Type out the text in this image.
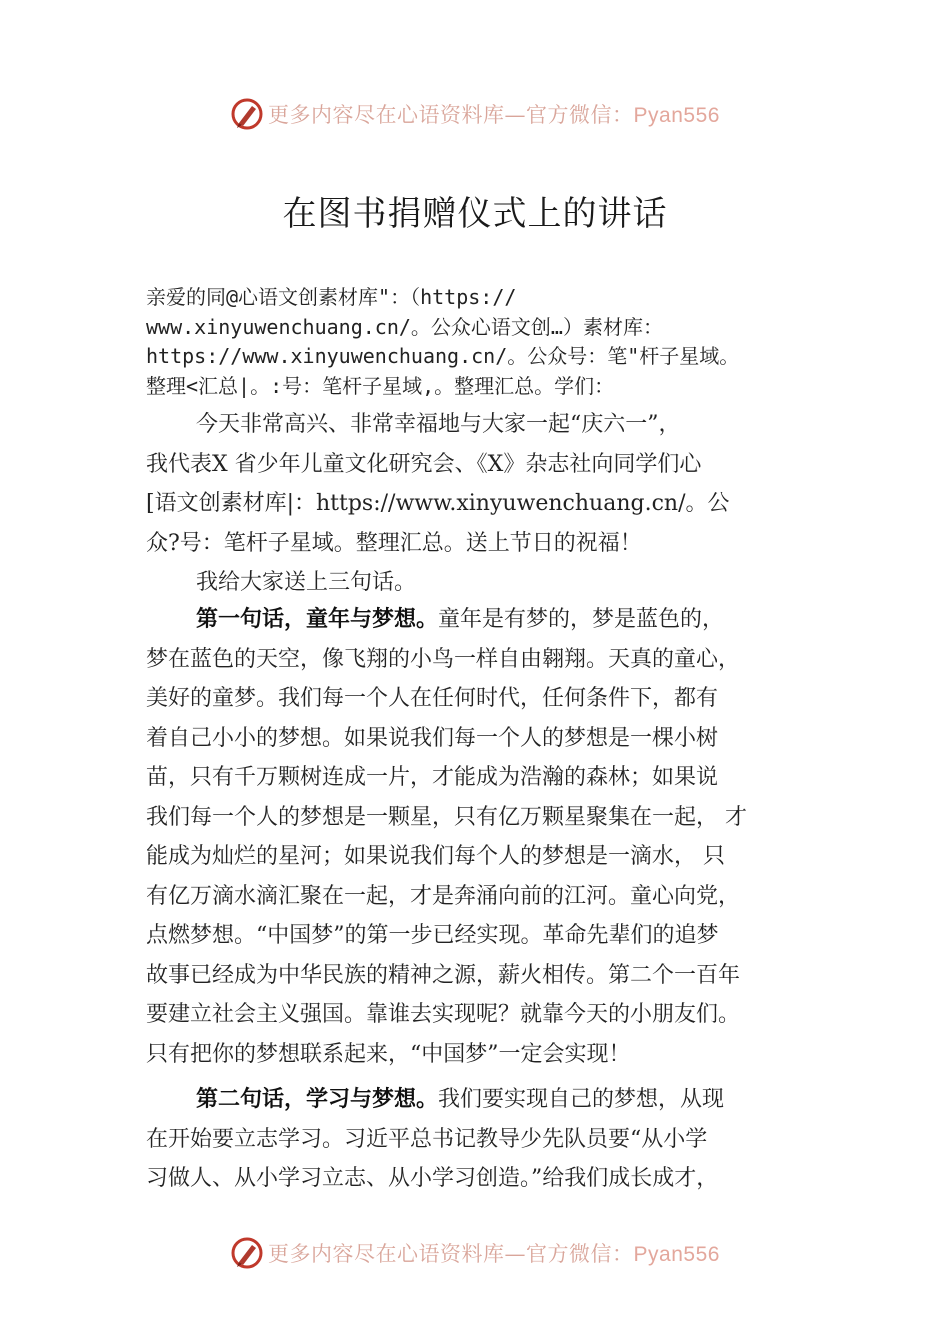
更多内容尽在心语资料库—官方微信：Pyan556
在图书捐赠仪式上的讲话
亲爱的同@心语文创素材库"：（https://
www.xinyuwenchuang.cn/。公众心语文创…）素材库：
https://www.xinyuwenchuang.cn/。公众号：笔"杆子星域。
整理<汇总|。:号：笔杆子星域,。整理汇总。学们：
今天非常高兴、非常幸福地与大家一起“庆六一”，
我代表X 省少年儿童文化研究会、《X》杂志社向同学们心
[语文创素材库|：https://www.xinyuwenchuang.cn/。公
众?号：笔杆子星域。整理汇总。送上节日的祝福！
我给大家送上三句话。
第一句话，童年与梦想。童年是有梦的，梦是蓝色的，
梦在蓝色的天空，像飞翔的小鸟一样自由翱翔。天真的童心，
美好的童梦。我们每一个人在任何时代，任何条件下，都有
着自己小小的梦想。如果说我们每一个人的梦想是一棵小树
苗，只有千万颗树连成一片，才能成为浩瀚的森林；如果说
我们每一个人的梦想是一颗星，只有亿万颗星聚集在一起， 才
能成为灿烂的星河；如果说我们每个人的梦想是一滴水， 只
有亿万滴水滴汇聚在一起，才是奔涌向前的江河。童心向党，
点燃梦想。“中国梦”的第一步已经实现。革命先辈们的追梦
故事已经成为中华民族的精神之源，薪火相传。第二个一百年
要建立社会主义强国。靠谁去实现呢？就靠今天的小朋友们。
只有把你的梦想联系起来，“中国梦”一定会实现！
第二句话，学习与梦想。我们要实现自己的梦想，从现
在开始要立志学习。习近平总书记教导少先队员要“从小学
习做人、从小学习立志、从小学习创造。”给我们成长成才，
更多内容尽在心语资料库—官方微信：Pyan556
